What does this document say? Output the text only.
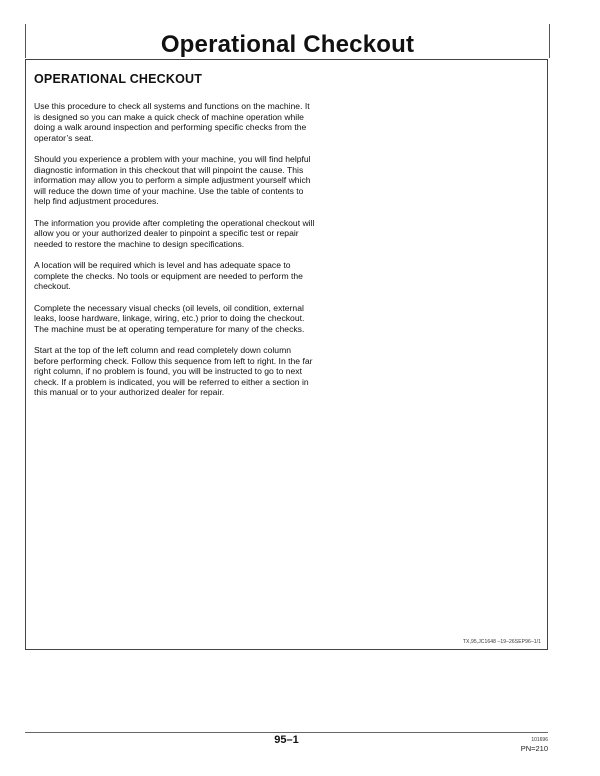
Operational Checkout
OPERATIONAL CHECKOUT

Use this procedure to check all systems and functions on the machine. It is designed so you can make a quick check of machine operation while doing a walk around inspection and performing specific checks from the operator’s seat.

Should you experience a problem with your machine, you will find helpful diagnostic information in this checkout that will pinpoint the cause. This information may allow you to perform a simple adjustment yourself which will reduce the down time of your machine. Use the table of contents to help find adjustment procedures.

The information you provide after completing the operational checkout will allow you or your authorized dealer to pinpoint a specific test or repair needed to restore the machine to design specifications.

A location will be required which is level and has adequate space to complete the checks. No tools or equipment are needed to perform the checkout.

Complete the necessary visual checks (oil levels, oil condition, external leaks, loose hardware, linkage, wiring, etc.) prior to doing the checkout. The machine must be at operating temperature for many of the checks.

Start at the top of the left column and read completely down column before performing check. Follow this sequence from left to right. In the far right column, if no problem is found, you will be instructed to go to next check. If a problem is indicated, you will be referred to either a section in this manual or to your authorized dealer for repair.

TX,95,JC1648 –19–26SEP96–1/1
95–1	101696
PN=210
